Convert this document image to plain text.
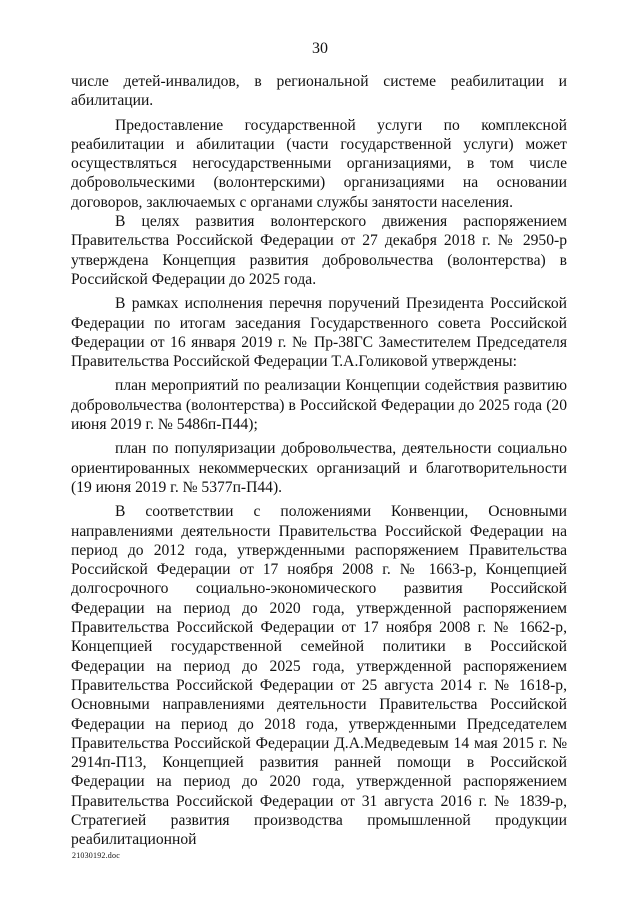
30

числе детей-инвалидов, в региональной системе реабилитации и абилитации.

Предоставление государственной услуги по комплексной реабилитации и абилитации (части государственной услуги) может осуществляться негосударственными организациями, в том числе добровольческими (волонтерскими) организациями на основании договоров, заключаемых с органами службы занятости населения.

В целях развития волонтерского движения распоряжением Правительства Российской Федерации от 27 декабря 2018 г. № 2950-р утверждена Концепция развития добровольчества (волонтерства) в Российской Федерации до 2025 года.

В рамках исполнения перечня поручений Президента Российской Федерации по итогам заседания Государственного совета Российской Федерации от 16 января 2019 г. № Пр-38ГС Заместителем Председателя Правительства Российской Федерации Т.А.Голиковой утверждены:

план мероприятий по реализации Концепции содействия развитию добровольчества (волонтерства) в Российской Федерации до 2025 года (20 июня 2019 г. № 5486п-П44);

план по популяризации добровольчества, деятельности социально ориентированных некоммерческих организаций и благотворительности (19 июня 2019 г. № 5377п-П44).

В соответствии с положениями Конвенции, Основными направлениями деятельности Правительства Российской Федерации на период до 2012 года, утвержденными распоряжением Правительства Российской Федерации от 17 ноября 2008 г. № 1663-р, Концепцией долгосрочного социально-экономического развития Российской Федерации на период до 2020 года, утвержденной распоряжением Правительства Российской Федерации от 17 ноября 2008 г. № 1662-р, Концепцией государственной семейной политики в Российской Федерации на период до 2025 года, утвержденной распоряжением Правительства Российской Федерации от 25 августа 2014 г. № 1618-р, Основными направлениями деятельности Правительства Российской Федерации на период до 2018 года, утвержденными Председателем Правительства Российской Федерации Д.А.Медведевым 14 мая 2015 г. № 2914п-П13, Концепцией развития ранней помощи в Российской Федерации на период до 2020 года, утвержденной распоряжением Правительства Российской Федерации от 31 августа 2016 г. № 1839-р, Стратегией развития производства промышленной продукции реабилитационной

21030192.doc
